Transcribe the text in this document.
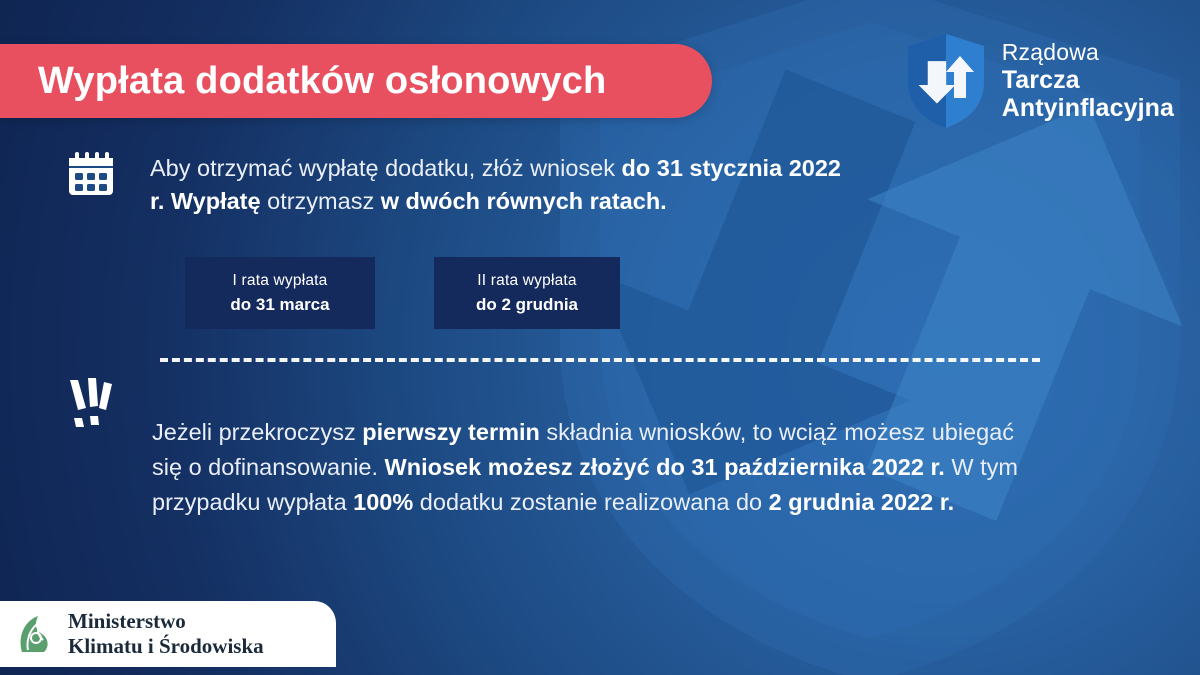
Wypłata dodatków osłonowych
Rządowa
Tarcza
Antyinflacyjna
Aby otrzymać wypłatę dodatku, złóż wniosek do 31 stycznia 2022 r. Wypłatę otrzymasz w dwóch równych ratach.
I rata wypłata
do 31 marca
II rata wypłata
do 2 grudnia
Jeżeli przekroczysz pierwszy termin składnia wniosków, to wciąż możesz ubiegać się o dofinansowanie. Wniosek możesz złożyć do 31 października 2022 r. W tym przypadku wypłata 100% dodatku zostanie realizowana do 2 grudnia 2022 r.
Ministerstwo
Klimatu i Środowiska
